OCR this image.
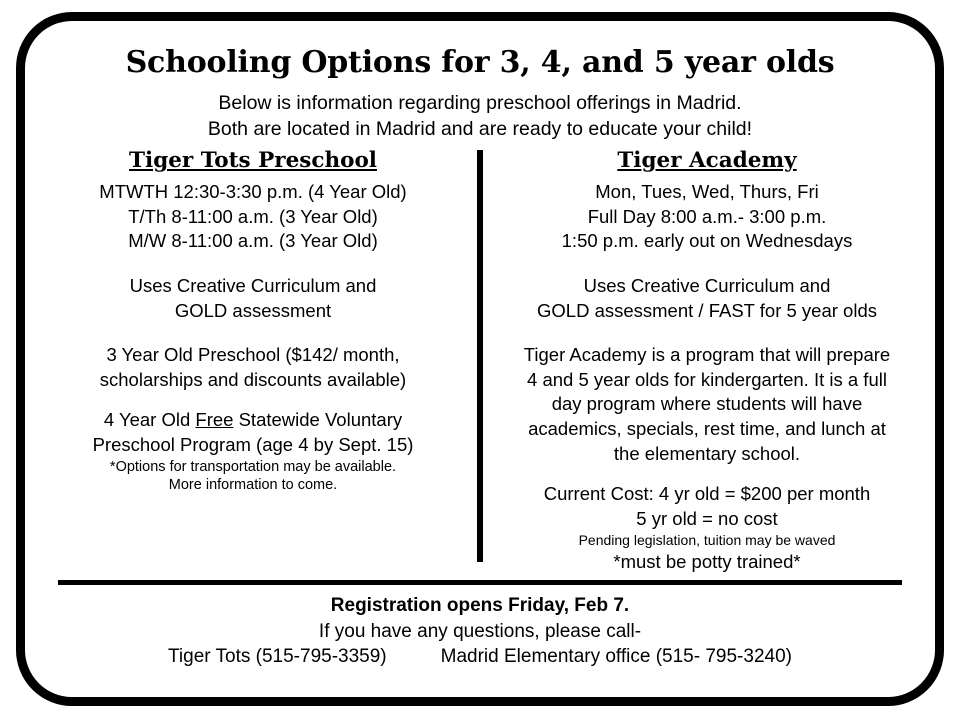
Schooling Options for 3, 4, and 5 year olds
Below is information regarding preschool offerings in Madrid.
Both are located in Madrid and are ready to educate your child!
Tiger Tots Preschool
MTWTH 12:30-3:30 p.m. (4 Year Old)
T/Th 8-11:00 a.m. (3 Year Old)
M/W 8-11:00 a.m. (3 Year Old)
Uses Creative Curriculum and
GOLD assessment
3 Year Old Preschool ($142/ month,
scholarships and discounts available)
4 Year Old Free Statewide Voluntary
Preschool Program (age 4 by Sept. 15)
*Options for transportation may be available.
More information to come.
Tiger Academy
Mon, Tues, Wed, Thurs, Fri
Full Day 8:00 a.m.- 3:00 p.m.
1:50 p.m. early out on Wednesdays
Uses Creative Curriculum and
GOLD assessment / FAST for 5 year olds
Tiger Academy is a program that will prepare
4 and 5 year olds for kindergarten. It is a full
day program where students will have
academics, specials, rest time, and lunch at
the elementary school.
Current Cost: 4 yr old = $200 per month
5 yr old = no cost
Pending legislation, tuition may be waved
*must be potty trained*
Registration opens Friday, Feb 7.
If you have any questions, please call-
Tiger Tots (515-795-3359)	Madrid Elementary office (515- 795-3240)
